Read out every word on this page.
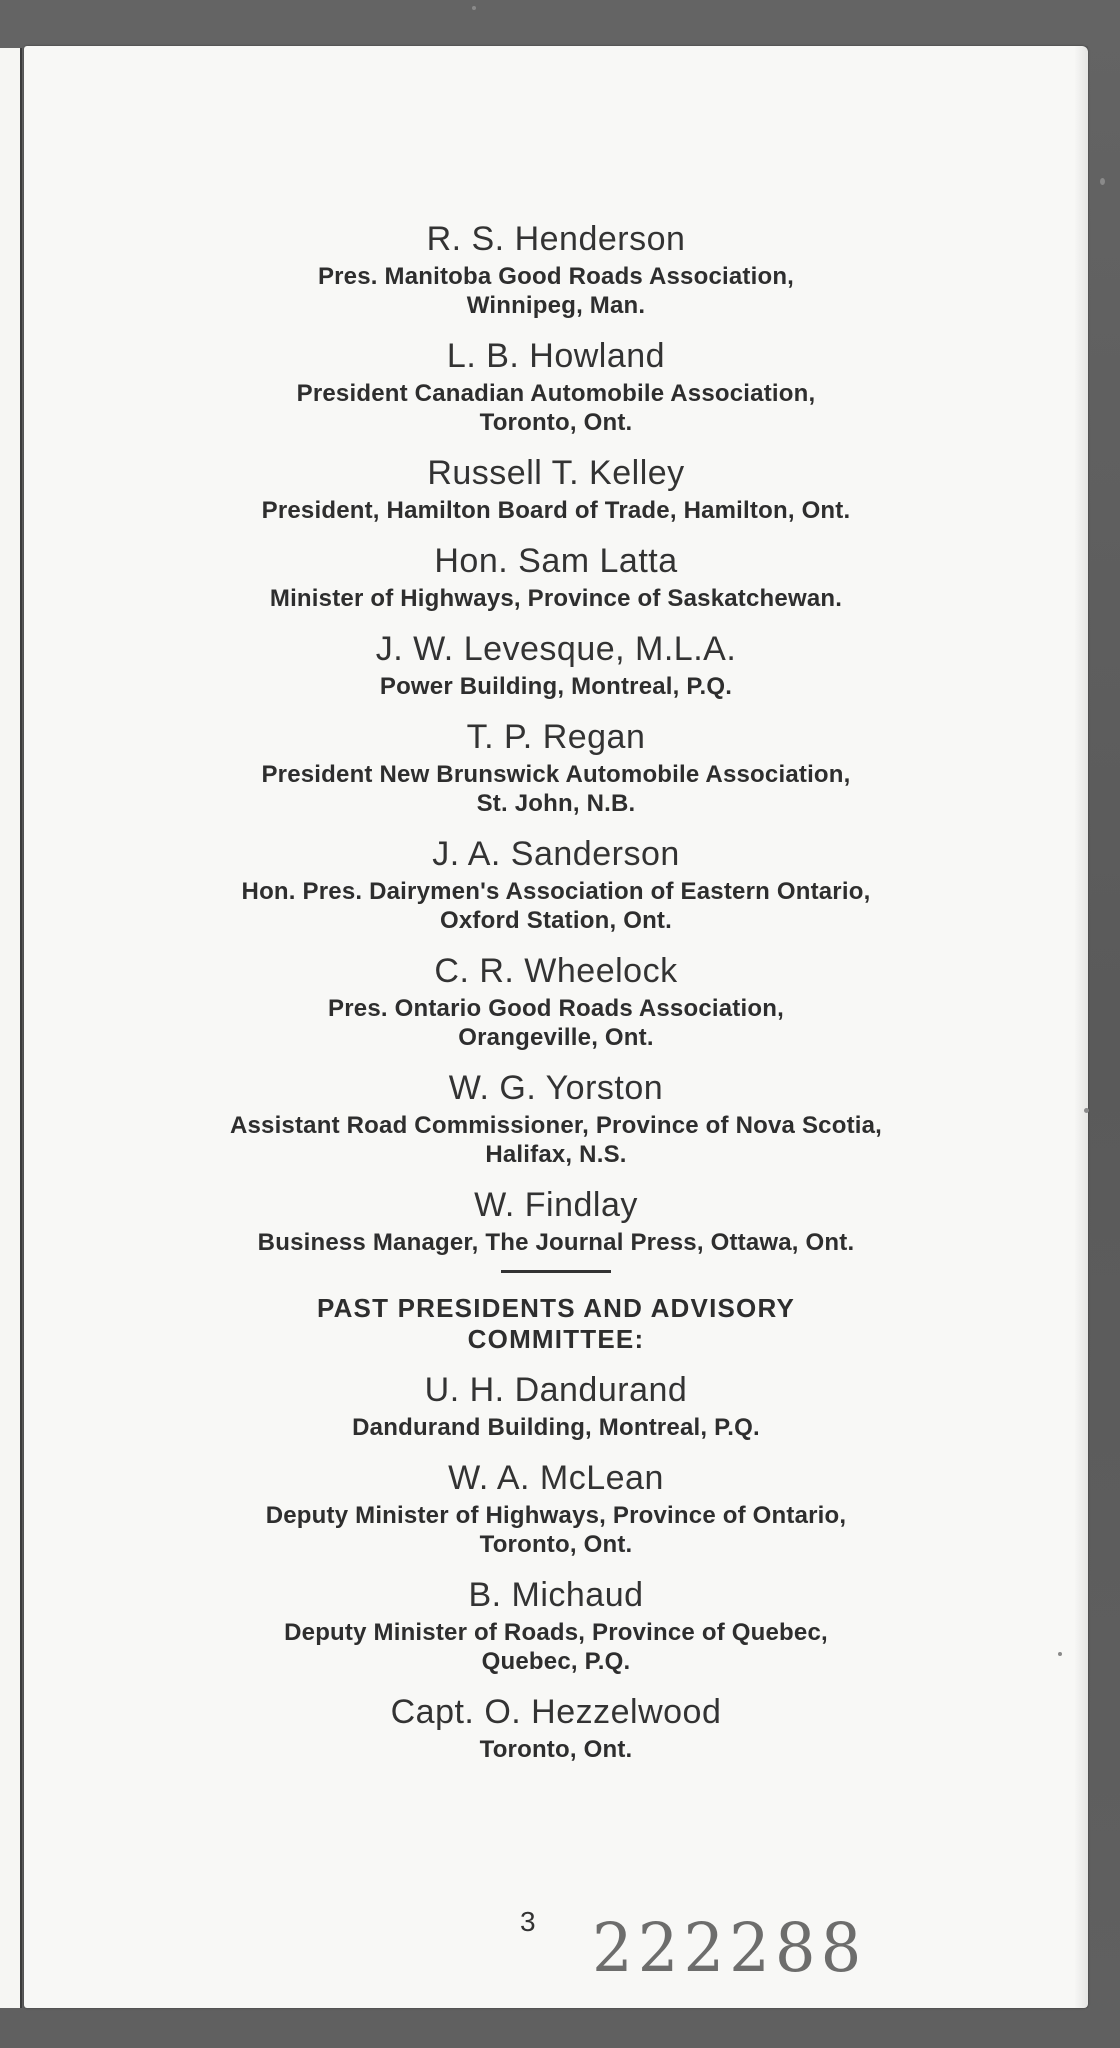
R. S. Henderson
Pres. Manitoba Good Roads Association,
Winnipeg, Man.
L. B. Howland
President Canadian Automobile Association,
Toronto, Ont.
Russell T. Kelley
President, Hamilton Board of Trade, Hamilton, Ont.
Hon. Sam Latta
Minister of Highways, Province of Saskatchewan.
J. W. Levesque, M.L.A.
Power Building, Montreal, P.Q.
T. P. Regan
President New Brunswick Automobile Association,
St. John, N.B.
J. A. Sanderson
Hon. Pres. Dairymen's Association of Eastern Ontario,
Oxford Station, Ont.
C. R. Wheelock
Pres. Ontario Good Roads Association,
Orangeville, Ont.
W. G. Yorston
Assistant Road Commissioner, Province of Nova Scotia,
Halifax, N.S.
W. Findlay
Business Manager, The Journal Press, Ottawa, Ont.
PAST PRESIDENTS AND ADVISORY
COMMITTEE:
U. H. Dandurand
Dandurand Building, Montreal, P.Q.
W. A. McLean
Deputy Minister of Highways, Province of Ontario,
Toronto, Ont.
B. Michaud
Deputy Minister of Roads, Province of Quebec,
Quebec, P.Q.
Capt. O. Hezzelwood
Toronto, Ont.
3 222288
